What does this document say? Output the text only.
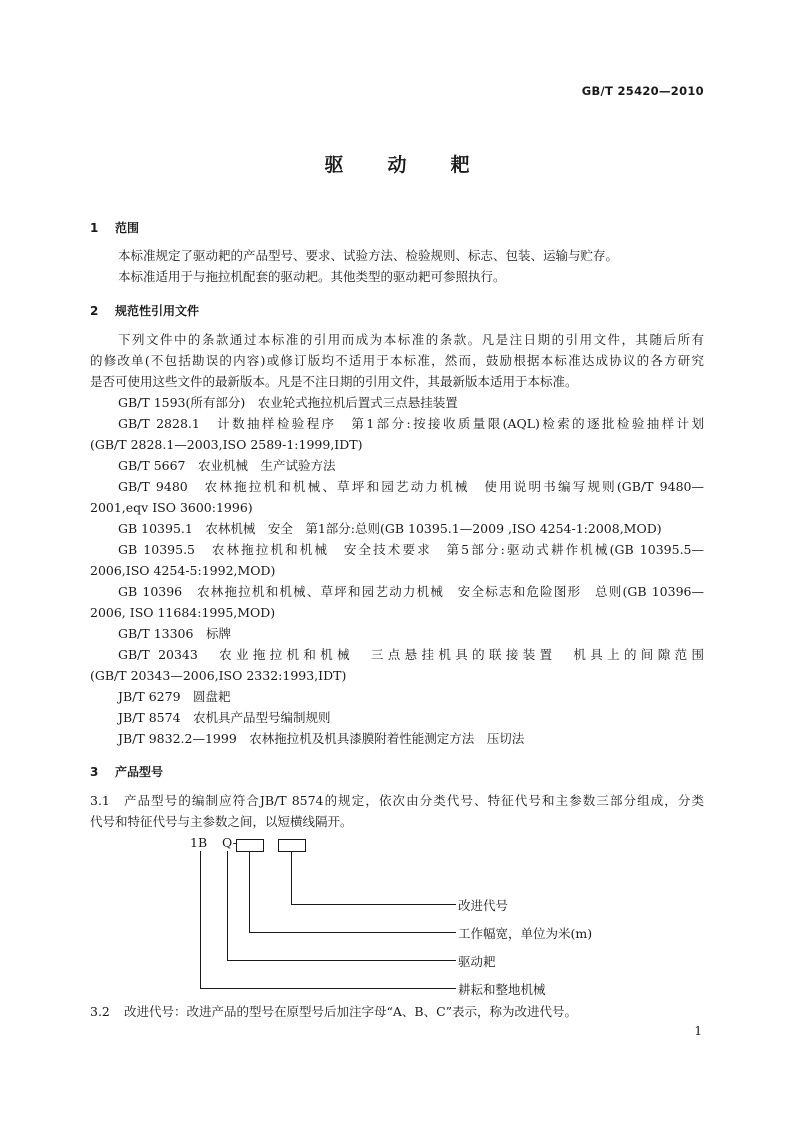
GB/T 25420—2010
驱 动 耙
1 范围
本标准规定了驱动耙的产品型号、要求、试验方法、检验规则、标志、包装、运输与贮存。
本标准适用于与拖拉机配套的驱动耙。其他类型的驱动耙可参照执行。
2 规范性引用文件
下列文件中的条款通过本标准的引用而成为本标准的条款。凡是注日期的引用文件，其随后所有
的修改单(不包括勘误的内容)或修订版均不适用于本标准，然而，鼓励根据本标准达成协议的各方研究
是否可使用这些文件的最新版本。凡是不注日期的引用文件，其最新版本适用于本标准。
GB/T 1593(所有部分)　农业轮式拖拉机后置式三点悬挂装置
GB/T 2828.1　计数抽样检验程序　第1部分:按接收质量限(AQL)检索的逐批检验抽样计划
(GB/T 2828.1—2003,ISO 2589-1:1999,IDT)
GB/T 5667　农业机械　生产试验方法
GB/T 9480　农林拖拉机和机械、草坪和园艺动力机械　使用说明书编写规则(GB/T 9480—
2001,eqv ISO 3600:1996)
GB 10395.1　农林机械　安全　第1部分:总则(GB 10395.1—2009 ,ISO 4254-1:2008,MOD)
GB 10395.5　农林拖拉机和机械　安全技术要求　第5部分:驱动式耕作机械(GB 10395.5—
2006,ISO 4254-5:1992,MOD)
GB 10396　农林拖拉机和机械、草坪和园艺动力机械　安全标志和危险图形　总则(GB 10396—
2006, ISO 11684:1995,MOD)
GB/T 13306　标牌
GB/T 20343　农业拖拉机和机械　三点悬挂机具的联接装置　机具上的间隙范围
(GB/T 20343—2006,ISO 2332:1993,IDT)
JB/T 6279　圆盘耙
JB/T 8574　农机具产品型号编制规则
JB/T 9832.2—1999　农林拖拉机及机具漆膜附着性能测定方法　压切法
3 产品型号
3.1 产品型号的编制应符合JB/T 8574的规定，依次由分类代号、特征代号和主参数三部分组成，分类
代号和特征代号与主参数之间，以短横线隔开。
1B Q-
改进代号
工作幅宽，单位为米(m)
驱动耙
耕耘和整地机械
3.2 改进代号：改进产品的型号在原型号后加注字母“A、B、C”表示，称为改进代号。
1
